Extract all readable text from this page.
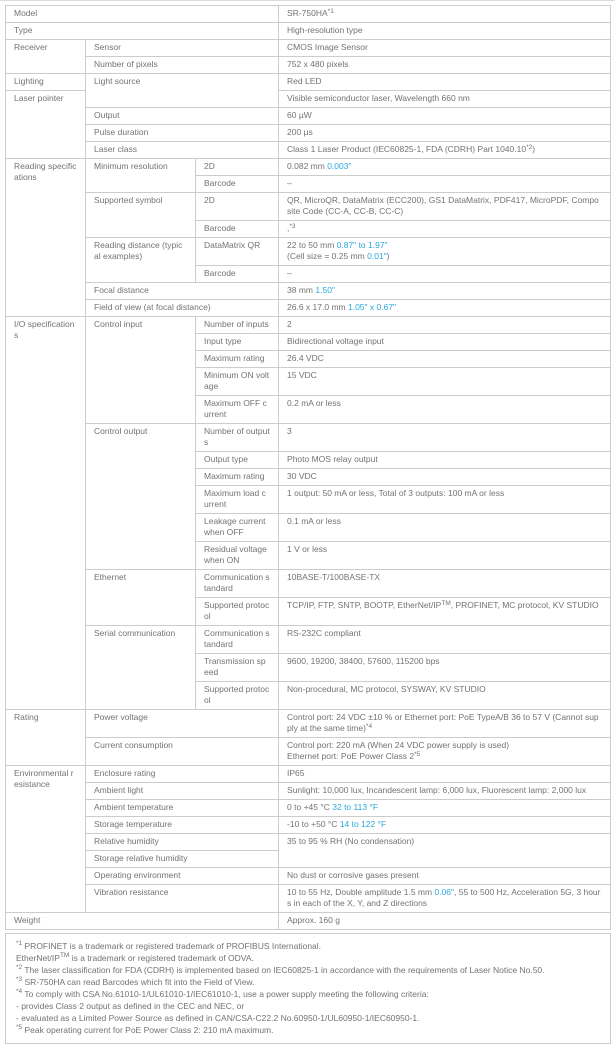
Model			SR-750HA$^{*1}$
Type			High-resolution type
Receiver	Sensor		CMOS Image Sensor
	Number of pixels		752 x 480 pixels
Lighting	Light source		Red LED
Laser pointer			Visible semiconductor laser, Wavelength 660 nm
	Output		60 µW
	Pulse duration		200 µs
	Laser class		Class 1 Laser Product (IEC60825-1, FDA (CDRH) Part 1040.10$^{*2}$)
Reading specifications	Minimum resolution	2D	0.082 mm 0.003"
		Barcode	–
	Supported symbol	2D	QR, MicroQR, DataMatrix (ECC200), GS1 DataMatrix, PDF417, MicroPDF, Composite Code (CC-A, CC-B, CC-C)
		Barcode	,$^{*3}$
	Reading distance (typical examples)	DataMatrix QR	22 to 50 mm 0.87" to 1.97"
(Cell size = 0.25 mm 0.01")
		Barcode	–
	Focal distance		38 mm 1.50"
	Field of view (at focal distance)		26.6 x 17.0 mm 1.05" x 0.67"
I/O specifications	Control input	Number of inputs	2
		Input type	Bidirectional voltage input
		Maximum rating	26.4 VDC
		Minimum ON voltage	15 VDC
		Maximum OFF current	0.2 mA or less
	Control output	Number of outputs	3
		Output type	Photo MOS relay output
		Maximum rating	30 VDC
		Maximum load current	1 output: 50 mA or less, Total of 3 outputs: 100 mA or less
		Leakage current when OFF	0.1 mA or less
		Residual voltage when ON	1 V or less
	Ethernet	Communication standard	10BASE-T/100BASE-TX
		Supported protocol	TCP/IP, FTP, SNTP, BOOTP, EtherNet/IP™, PROFINET, MC protocol, KV STUDIO
	Serial communication	Communication standard	RS-232C compliant
		Transmission speed	9600, 19200, 38400, 57600, 115200 bps
		Supported protocol	Non-procedural, MC protocol, SYSWAY, KV STUDIO
Rating	Power voltage		Control port: 24 VDC ±10 % or Ethernet port: PoE TypeA/B 36 to 57 V (Cannot supply at the same time)$^{*4}$
	Current consumption		Control port: 220 mA (When 24 VDC power supply is used)
Ethernet port: PoE Power Class 2$^{*5}$
Environmental resistance	Enclosure rating		IP65
	Ambient light		Sunlight: 10,000 lux, Incandescent lamp: 6,000 lux, Fluorescent lamp: 2,000 lux
	Ambient temperature		0 to +45 °C 32 to 113 °F
	Storage temperature		-10 to +50 °C 14 to 122 °F
	Relative humidity		35 to 95 % RH (No condensation)
	Storage relative humidity		
	Operating environment		No dust or corrosive gases present
	Vibration resistance		10 to 55 Hz, Double amplitude 1.5 mm 0.06", 55 to 500 Hz, Acceleration 5G, 3 hours in each of the X, Y, and Z directions
Weight			Approx. 160 g
$^{*1}$ PROFINET is a trademark or registered trademark of PROFIBUS International.
EtherNet/IP™ is a trademark or registered trademark of ODVA.
$^{*2}$ The laser classification for FDA (CDRH) is implemented based on IEC60825-1 in accordance with the requirements of Laser Notice No.50.
$^{*3}$ SR-750HA can read Barcodes which fit into the Field of View.
$^{*4}$ To comply with CSA No.61010-1/UL61010-1/IEC61010-1, use a power supply meeting the following criteria:
- provides Class 2 output as defined in the CEC and NEC, or
- evaluated as a Limited Power Source as defined in CAN/CSA-C22.2 No.60950-1/UL60950-1/IEC60950-1.
$^{*5}$ Peak operating current for PoE Power Class 2: 210 mA maximum.
